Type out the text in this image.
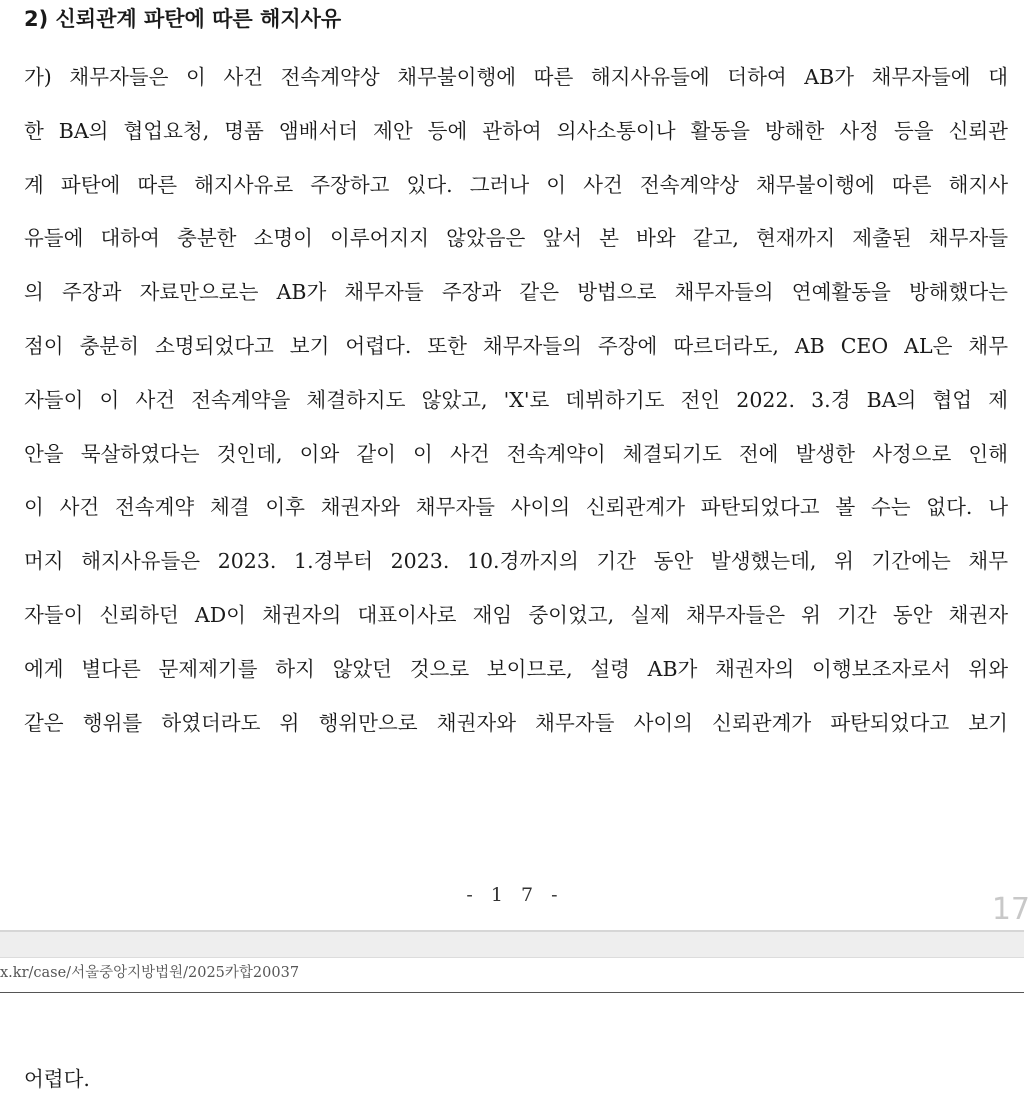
2) 신뢰관계 파탄에 따른 해지사유
가) 채무자들은 이 사건 전속계약상 채무불이행에 따른 해지사유들에 더하여 AB가 채무자들에 대
한 BA의 협업요청, 명품 앰배서더 제안 등에 관하여 의사소통이나 활동을 방해한 사정 등을 신뢰관
계 파탄에 따른 해지사유로 주장하고 있다. 그러나 이 사건 전속계약상 채무불이행에 따른 해지사
유들에 대하여 충분한 소명이 이루어지지 않았음은 앞서 본 바와 같고, 현재까지 제출된 채무자들
의 주장과 자료만으로는 AB가 채무자들 주장과 같은 방법으로 채무자들의 연예활동을 방해했다는
점이 충분히 소명되었다고 보기 어렵다. 또한 채무자들의 주장에 따르더라도, AB CEO AL은 채무
자들이 이 사건 전속계약을 체결하지도 않았고, 'X'로 데뷔하기도 전인 2022. 3.경 BA의 협업 제
안을 묵살하였다는 것인데, 이와 같이 이 사건 전속계약이 체결되기도 전에 발생한 사정으로 인해
이 사건 전속계약 체결 이후 채권자와 채무자들 사이의 신뢰관계가 파탄되었다고 볼 수는 없다. 나
머지 해지사유들은 2023. 1.경부터 2023. 10.경까지의 기간 동안 발생했는데, 위 기간에는 채무
자들이 신뢰하던 AD이 채권자의 대표이사로 재임 중이었고, 실제 채무자들은 위 기간 동안 채권자
에게 별다른 문제제기를 하지 않았던 것으로 보이므로, 설령 AB가 채권자의 이행보조자로서 위와
같은 행위를 하였더라도 위 행위만으로 채권자와 채무자들 사이의 신뢰관계가 파탄되었다고 보기
- 1 7 -	17
x.kr/case/서울중앙지방법원/2025카합20037
어렵다.
